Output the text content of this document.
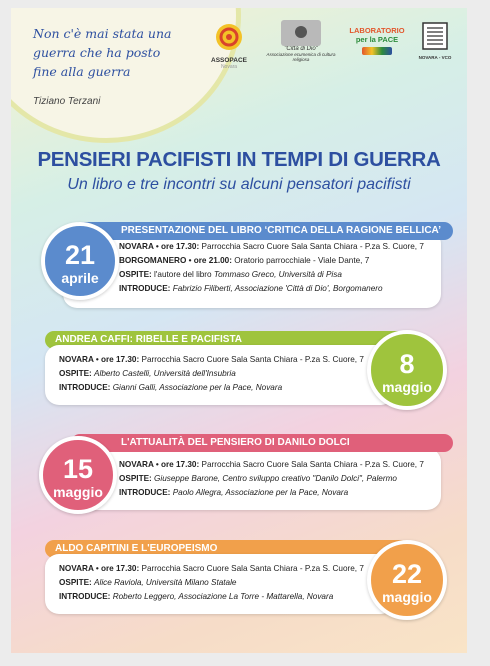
Non c'è mai stata una
guerra che ha posto
fine alla guerra
Tiziano Terzani
ASSOPACE
Novara
"Città di Dio"
Associazione ecumenica di cultura religiosa
LABORATORIO
per la PACE
NOVARA - VCO
PENSIERI PACIFISTI IN TEMPI DI GUERRA
Un libro e tre incontri su alcuni pensatori pacifisti
PRESENTAZIONE DEL LIBRO ‘CRITICA DELLA RAGIONE BELLICA’

NOVARA • ore 17.30: Parrocchia Sacro Cuore Sala Santa Chiara - P.za S. Cuore, 7

BORGOMANERO • ore 21.00: Oratorio parrocchiale - Viale Dante, 7

OSPITE: l'autore del libro Tommaso Greco, Università di Pisa

INTRODUCE: Fabrizio Filiberti, Associazione 'Città di Dio', Borgomanero

21
aprile
ANDREA CAFFI: RIBELLE E PACIFISTA

NOVARA • ore 17.30: Parrocchia Sacro Cuore Sala Santa Chiara - P.za S. Cuore, 7

OSPITE: Alberto Castelli, Università dell'Insubria

INTRODUCE: Gianni Galli, Associazione per la Pace, Novara

8
maggio

NOVARA • ore 17.30: Parrocchia Sacro Cuore Sala Santa Chiara - P.za S. Cuore, 7

OSPITE: Giuseppe Barone, Centro sviluppo creativo "Danilo Dolci", Palermo

INTRODUCE: Paolo Allegra, Associazione per la Pace, Novara

L'ATTUALITÀ DEL PENSIERO DI DANILO DOLCI
15
maggio
ALDO CAPITINI E L'EUROPEISMO

NOVARA • ore 17.30: Parrocchia Sacro Cuore Sala Santa Chiara - P.za S. Cuore, 7

OSPITE: Alice Raviola, Università Milano Statale

INTRODUCE: Roberto Leggero, Associazione La Torre - Mattarella, Novara

22
maggio
